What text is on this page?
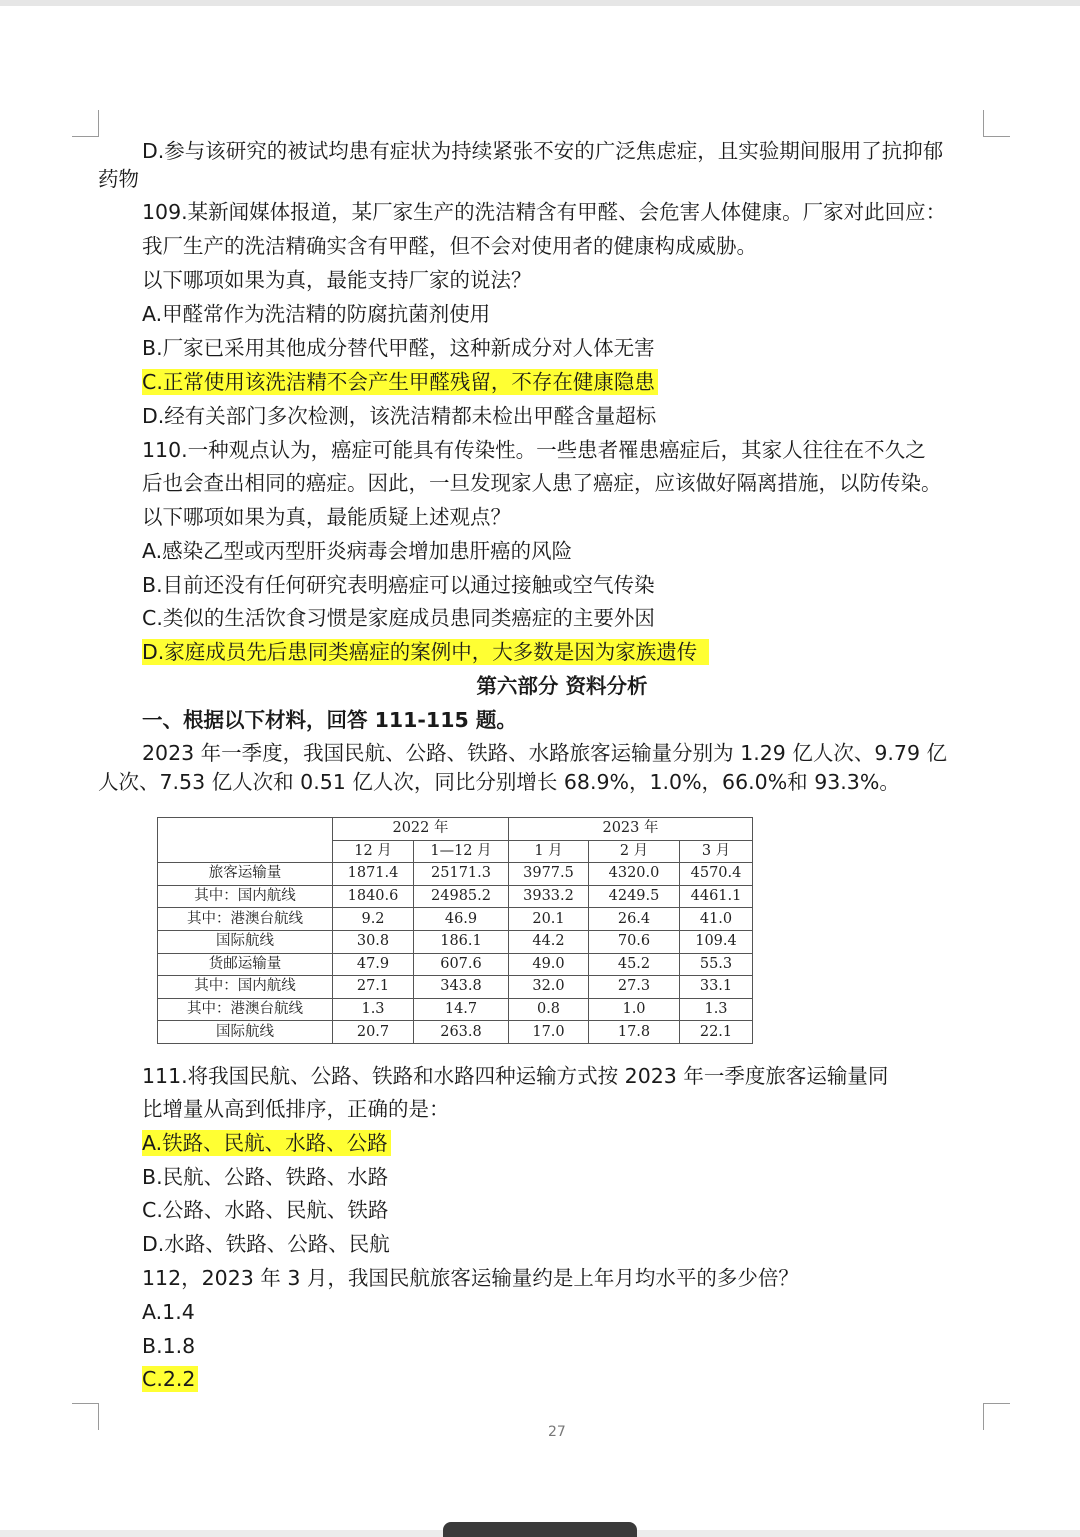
D.参与该研究的被试均患有症状为持续紧张不安的广泛焦虑症，且实验期间服用了抗抑郁
药物
109.某新闻媒体报道，某厂家生产的洗洁精含有甲醛、会危害人体健康。厂家对此回应：
我厂生产的洗洁精确实含有甲醛，但不会对使用者的健康构成威胁。
以下哪项如果为真，最能支持厂家的说法？
A.甲醛常作为洗洁精的防腐抗菌剂使用
B.厂家已采用其他成分替代甲醛，这种新成分对人体无害
C.正常使用该洗洁精不会产生甲醛残留，不存在健康隐患
D.经有关部门多次检测，该洗洁精都未检出甲醛含量超标
110.一种观点认为，癌症可能具有传染性。一些患者罹患癌症后，其家人往往在不久之
后也会查出相同的癌症。因此，一旦发现家人患了癌症，应该做好隔离措施，以防传染。
以下哪项如果为真，最能质疑上述观点？
A.感染乙型或丙型肝炎病毒会增加患肝癌的风险
B.目前还没有任何研究表明癌症可以通过接触或空气传染
C.类似的生活饮食习惯是家庭成员患同类癌症的主要外因
D.家庭成员先后患同类癌症的案例中，大多数是因为家族遗传
第六部分 资料分析
一、根据以下材料，回答 111-115 题。
2023 年一季度，我国民航、公路、铁路、水路旅客运输量分别为 1.29 亿人次、9.79 亿
人次、7.53 亿人次和 0.51 亿人次，同比分别增长 68.9%，1.0%，66.0%和 93.3%。
	2022 年		2023 年		
	12 月	1—12 月	1 月	2 月	3 月
旅客运输量	1871.4	25171.3	3977.5	4320.0	4570.4
其中：国内航线	1840.6	24985.2	3933.2	4249.5	4461.1
其中：港澳台航线	9.2	46.9	20.1	26.4	41.0
国际航线	30.8	186.1	44.2	70.6	109.4
货邮运输量	47.9	607.6	49.0	45.2	55.3
其中：国内航线	27.1	343.8	32.0	27.3	33.1
其中：港澳台航线	1.3	14.7	0.8	1.0	1.3
国际航线	20.7	263.8	17.0	17.8	22.1
111.将我国民航、公路、铁路和水路四种运输方式按 2023 年一季度旅客运输量同
比增量从高到低排序，正确的是：
A.铁路、民航、水路、公路
B.民航、公路、铁路、水路
C.公路、水路、民航、铁路
D.水路、铁路、公路、民航
112，2023 年 3 月，我国民航旅客运输量约是上年月均水平的多少倍？
A.1.4
B.1.8
C.2.2
27
